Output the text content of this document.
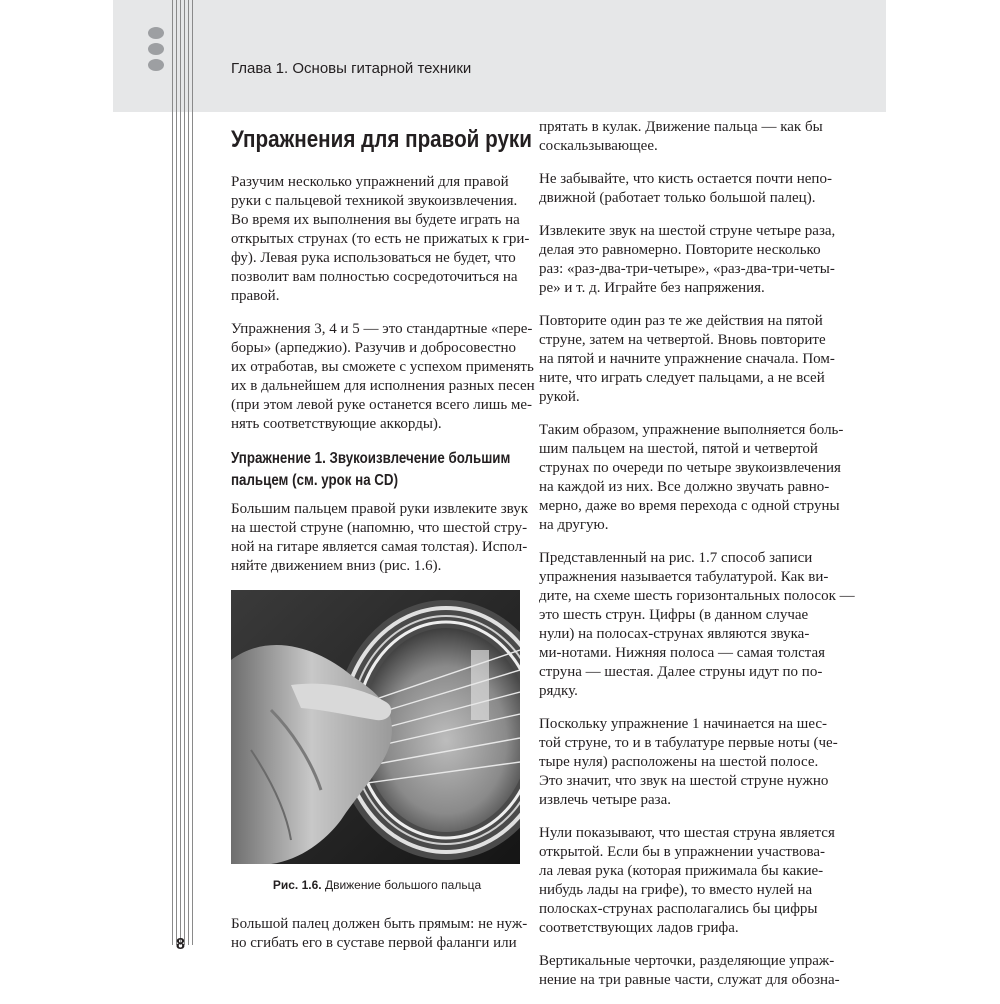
Глава 1. Основы гитарной техники
Упражнения для правой руки

Разучим несколько упражнений для правой
руки с пальцевой техникой звукоизвлечения.
Во время их выполнения вы будете играть на
открытых струнах (то есть не прижатых к гри-
фу). Левая рука использоваться не будет, что
позволит вам полностью сосредоточиться на
правой.

Упражнения 3, 4 и 5 — это стандартные «пере-
боры» (арпеджио). Разучив и добросовестно
их отработав, вы сможете с успехом применять
их в дальнейшем для исполнения разных песен
(при этом левой руке останется всего лишь ме-
нять соответствующие аккорды).

Упражнение 1. Звукоизвлечение большим
пальцем (см. урок на CD)

Большим пальцем правой руки извлеките звук
на шестой струне (напомню, что шестой стру-
ной на гитаре является самая толстая). Испол-
няйте движением вниз (рис. 1.6).

Рис. 1.6. Движение большого пальца

Большой палец должен быть прямым: не нуж-
но сгибать его в суставе первой фаланги или

прятать в кулак. Движение пальца — как бы
соскальзывающее.

Не забывайте, что кисть остается почти непо-
движной (работает только большой палец).

Извлеките звук на шестой струне четыре раза,
делая это равномерно. Повторите несколько
раз: «раз-два-три-четыре», «раз-два-три-четы-
ре» и т. д. Играйте без напряжения.

Повторите один раз те же действия на пятой
струне, затем на четвертой. Вновь повторите
на пятой и начните упражнение сначала. Пом-
ните, что играть следует пальцами, а не всей
рукой.

Таким образом, упражнение выполняется боль-
шим пальцем на шестой, пятой и четвертой
струнах по очереди по четыре звукоизвлечения
на каждой из них. Все должно звучать равно-
мерно, даже во время перехода с одной струны
на другую.

Представленный на рис. 1.7 способ записи
упражнения называется табулатурой. Как ви-
дите, на схеме шесть горизонтальных полосок —
это шесть струн. Цифры (в данном случае
нули) на полосах-струнах являются звука-
ми-нотами. Нижняя полоса — самая толстая
струна — шестая. Далее струны идут по по-
рядку.

Поскольку упражнение 1 начинается на шес-
той струне, то и в табулатуре первые ноты (че-
тыре нуля) расположены на шестой полосе.
Это значит, что звук на шестой струне нужно
извлечь четыре раза.

Нули показывают, что шестая струна является
открытой. Если бы в упражнении участвова-
ла левая рука (которая прижимала бы какие-
нибудь лады на грифе), то вместо нулей на
полосках-струнах располагались бы цифры
соответствующих ладов грифа.

Вертикальные черточки, разделяющие упраж-
нение на три равные части, служат для обозна-

8
